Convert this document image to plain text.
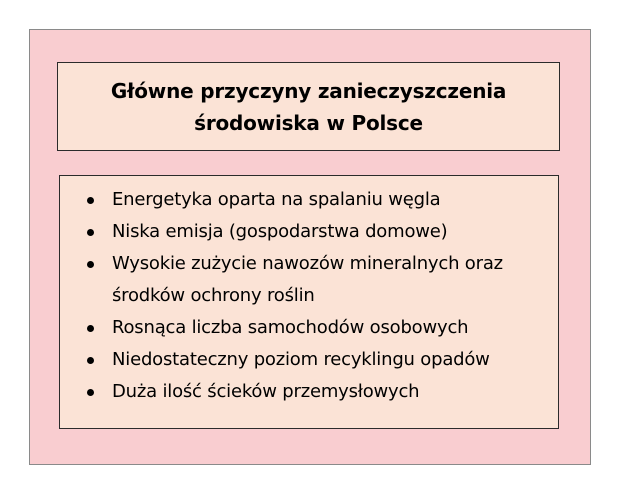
Główne przyczyny zanieczyszczenia
środowiska w Polsce
Energetyka oparta na spalaniu węgla
Niska emisja (gospodarstwa domowe)
Wysokie zużycie nawozów mineralnych oraz
środków ochrony roślin
Rosnąca liczba samochodów osobowych
Niedostateczny poziom recyklingu opadów
Duża ilość ścieków przemysłowych
